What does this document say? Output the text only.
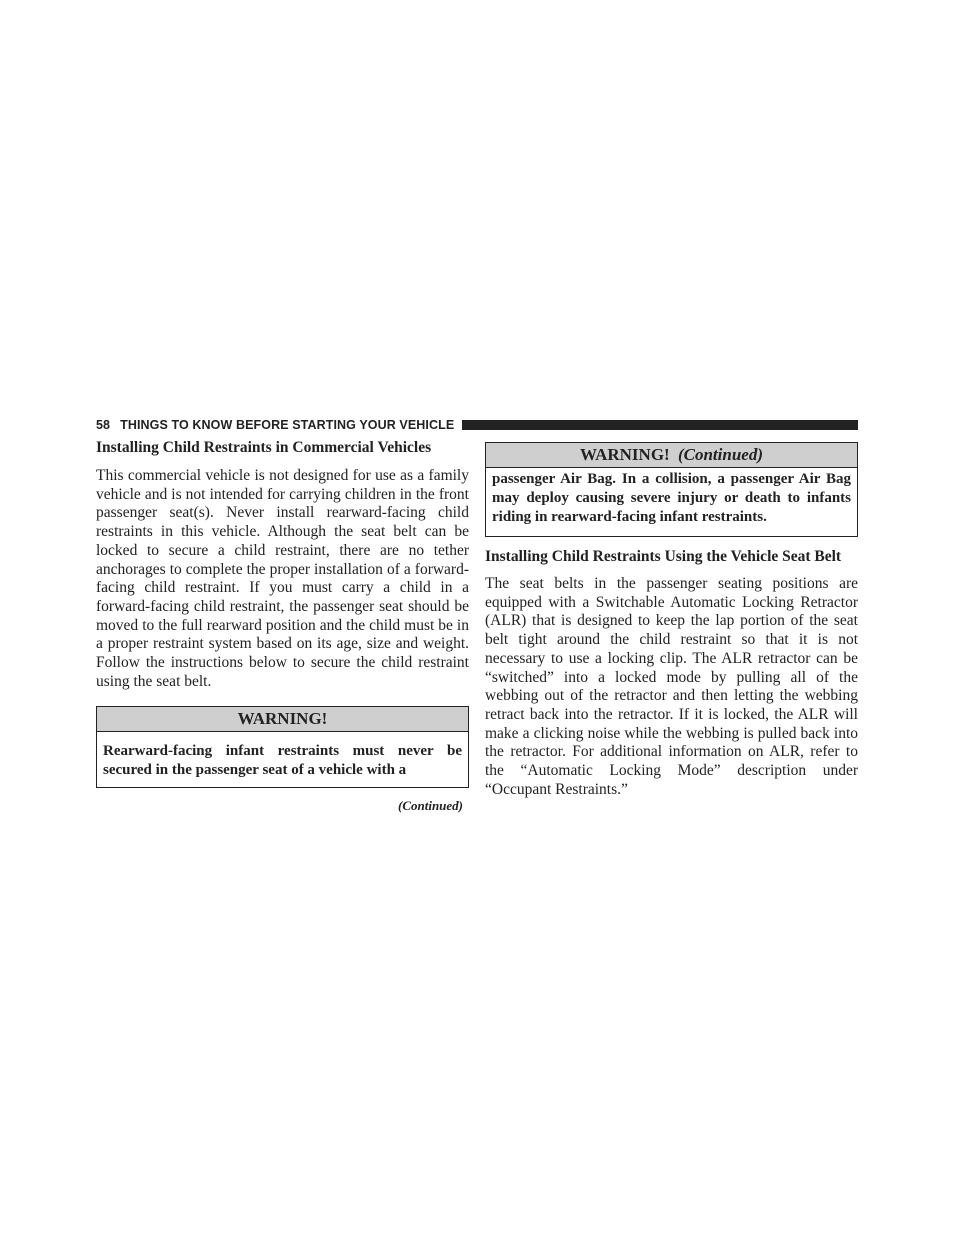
58 THINGS TO KNOW BEFORE STARTING YOUR VEHICLE
Installing Child Restraints in Commercial Vehicles

This commercial vehicle is not designed for use as a family vehicle and is not intended for carrying children in the front passenger seat(s). Never install rearward-facing child restraints in this vehicle. Although the seat belt can be locked to secure a child restraint, there are no tether anchorages to complete the proper installation of a forward-facing child restraint. If you must carry a child in a forward-facing child restraint, the passenger seat should be moved to the full rearward position and the child must be in a proper restraint system based on its age, size and weight. Follow the instructions below to secure the child restraint using the seat belt.

WARNING!
Rearward-facing infant restraints must never be secured in the passenger seat of a vehicle with a
(Continued)
WARNING! (Continued)
passenger Air Bag. In a collision, a passenger Air Bag may deploy causing severe injury or death to infants riding in rearward-facing infant restraints.
Installing Child Restraints Using the Vehicle Seat Belt

The seat belts in the passenger seating positions are equipped with a Switchable Automatic Locking Retractor (ALR) that is designed to keep the lap portion of the seat belt tight around the child restraint so that it is not necessary to use a locking clip. The ALR retractor can be “switched” into a locked mode by pulling all of the webbing out of the retractor and then letting the webbing retract back into the retractor. If it is locked, the ALR will make a clicking noise while the webbing is pulled back into the retractor. For additional information on ALR, refer to the “Automatic Locking Mode” description under “Occupant Restraints.”
